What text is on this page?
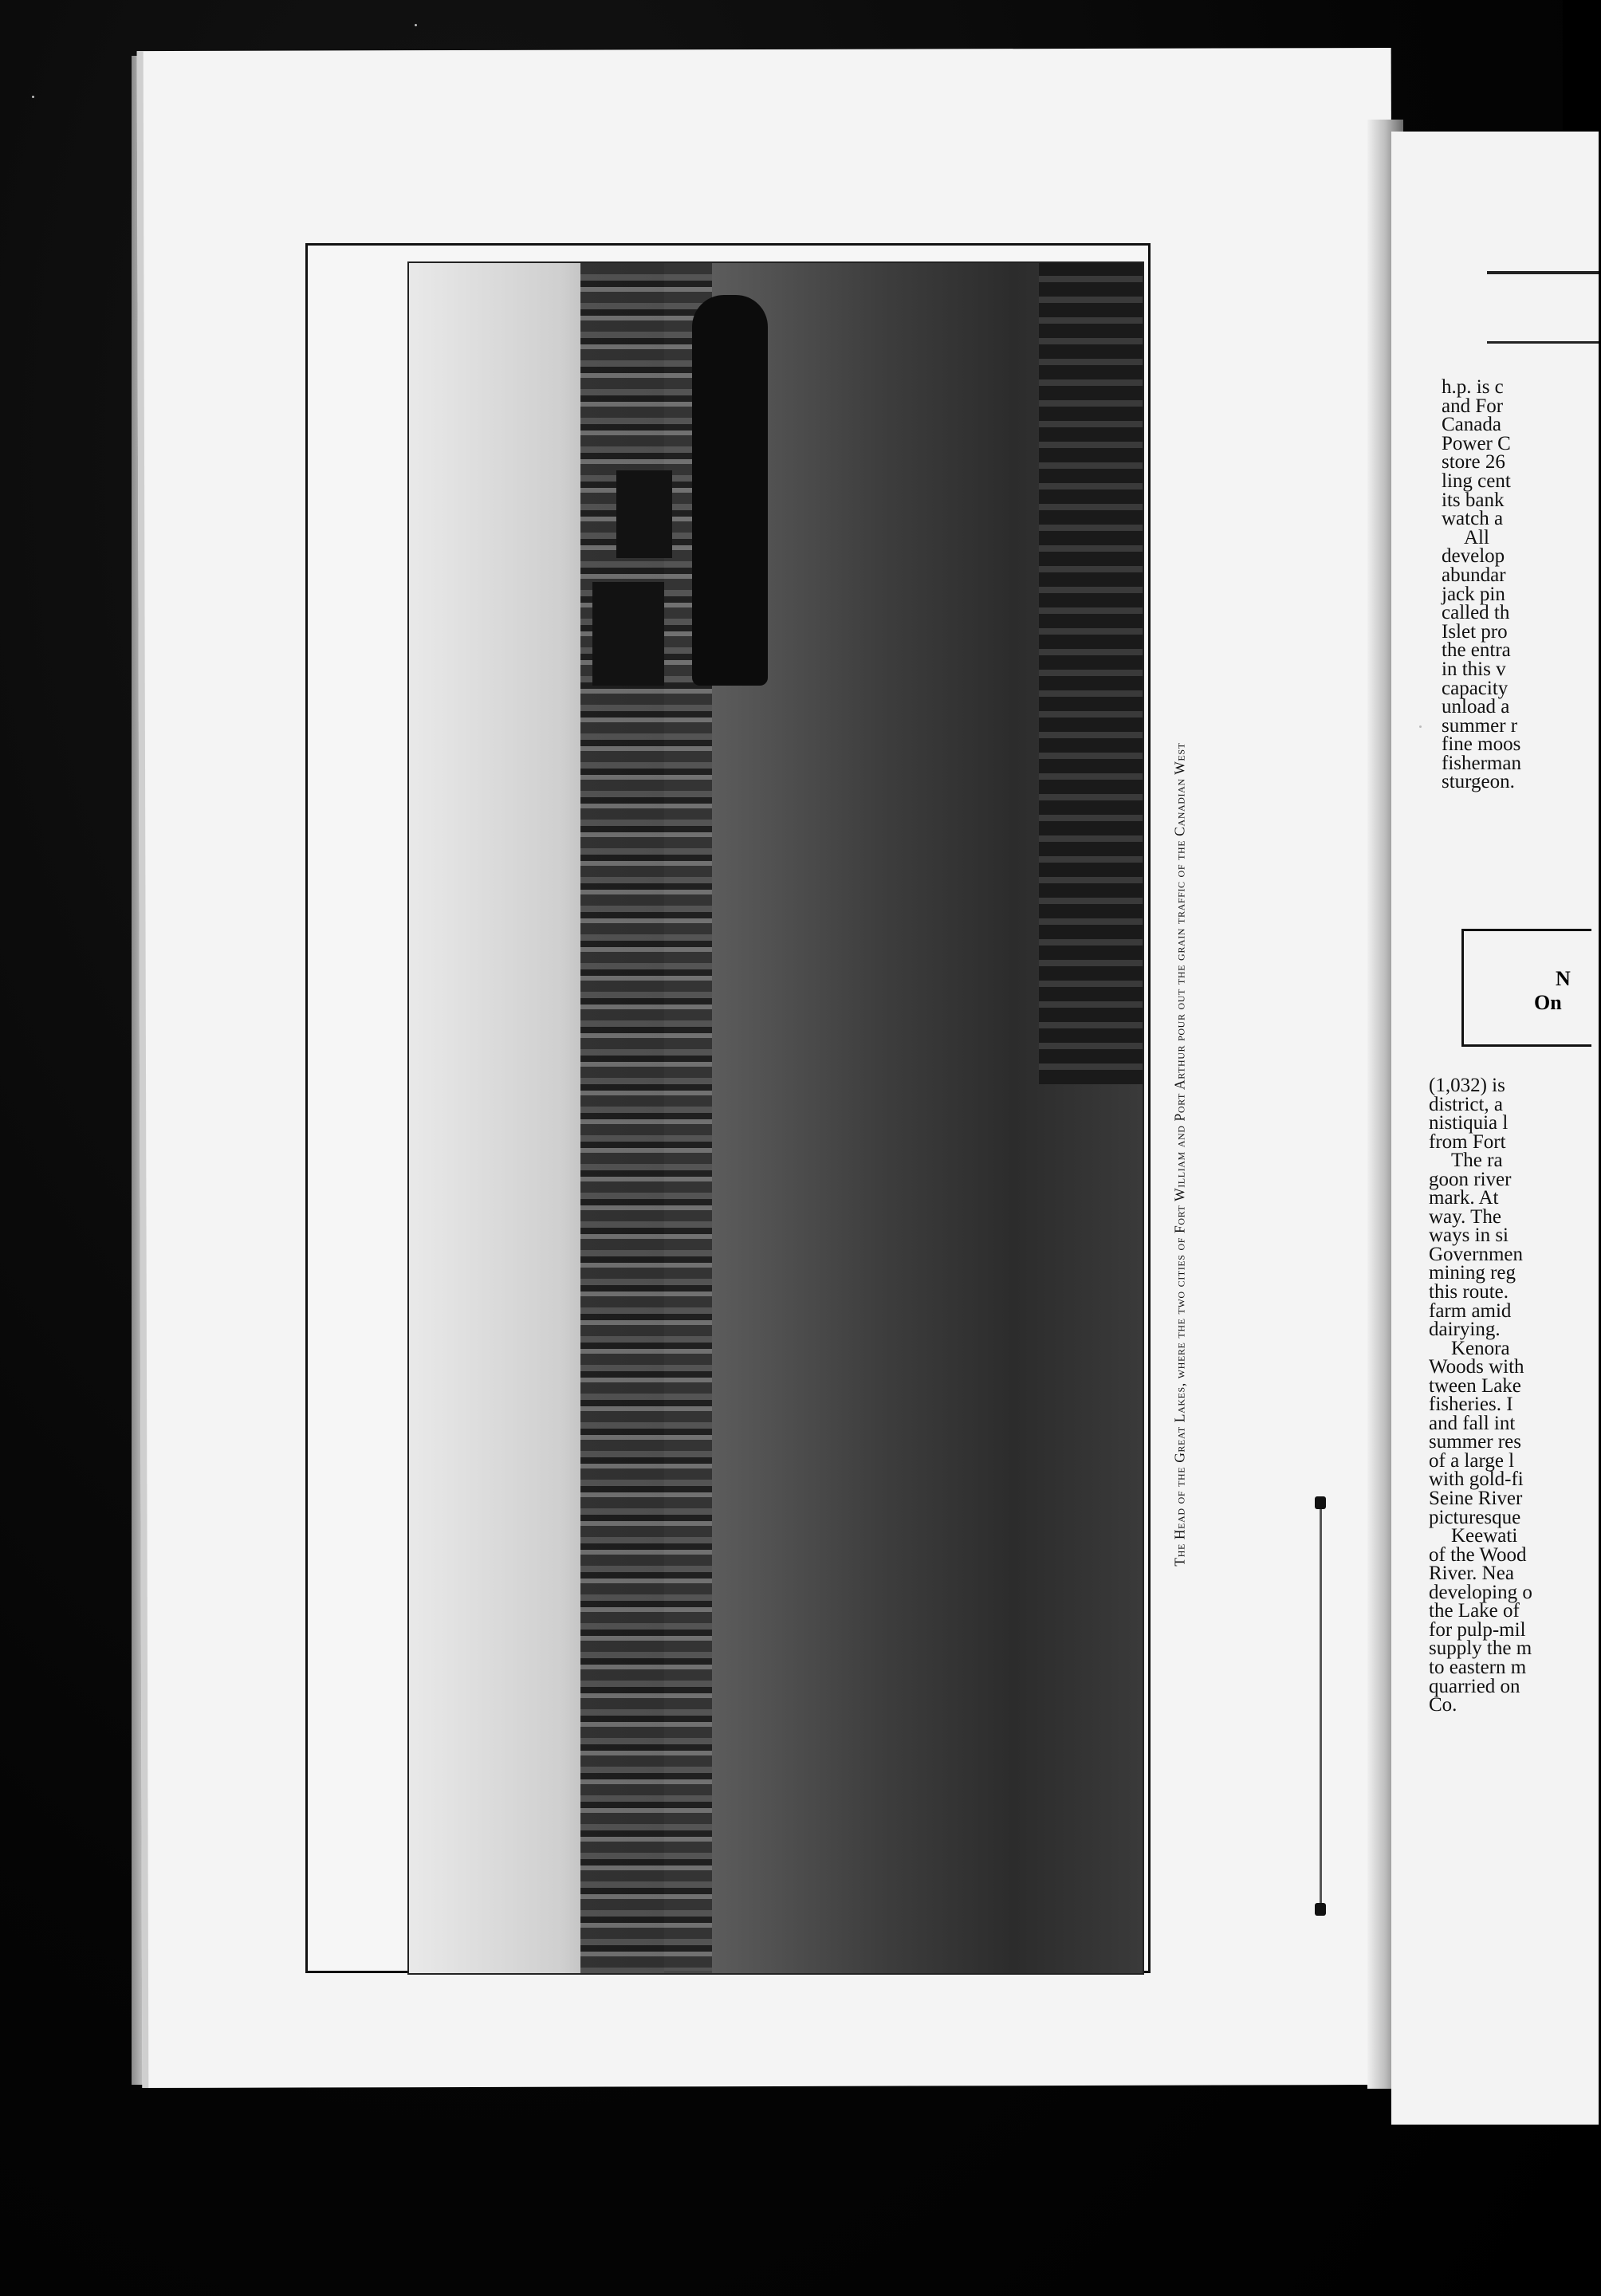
The Head of the Great Lakes, where the two cities of Fort William and Port Arthur pour out the grain traffic of the Canadian West
h.p. is c
and For
Canada
Power C
store 26
ling cent
its bank
watch a
All
develop
abundar
jack pin
called th
Islet pro
the entra
in this v
capacity
unload a
summer r
fine moos
fisherman
sturgeon.
N
On
(1,032) is
district, a
nistiquia l
from Fort
The ra
goon river
mark. At
way. The
ways in si
Governmen
mining reg
this route.
farm amid
dairying.
Kenora
Woods with
tween Lake
fisheries. I
and fall int
summer res
of a large l
with gold-fi
Seine River
picturesque
Keewati
of the Wood
River. Nea
developing o
the Lake of
for pulp-mil
supply the m
to eastern m
quarried on
Co.
